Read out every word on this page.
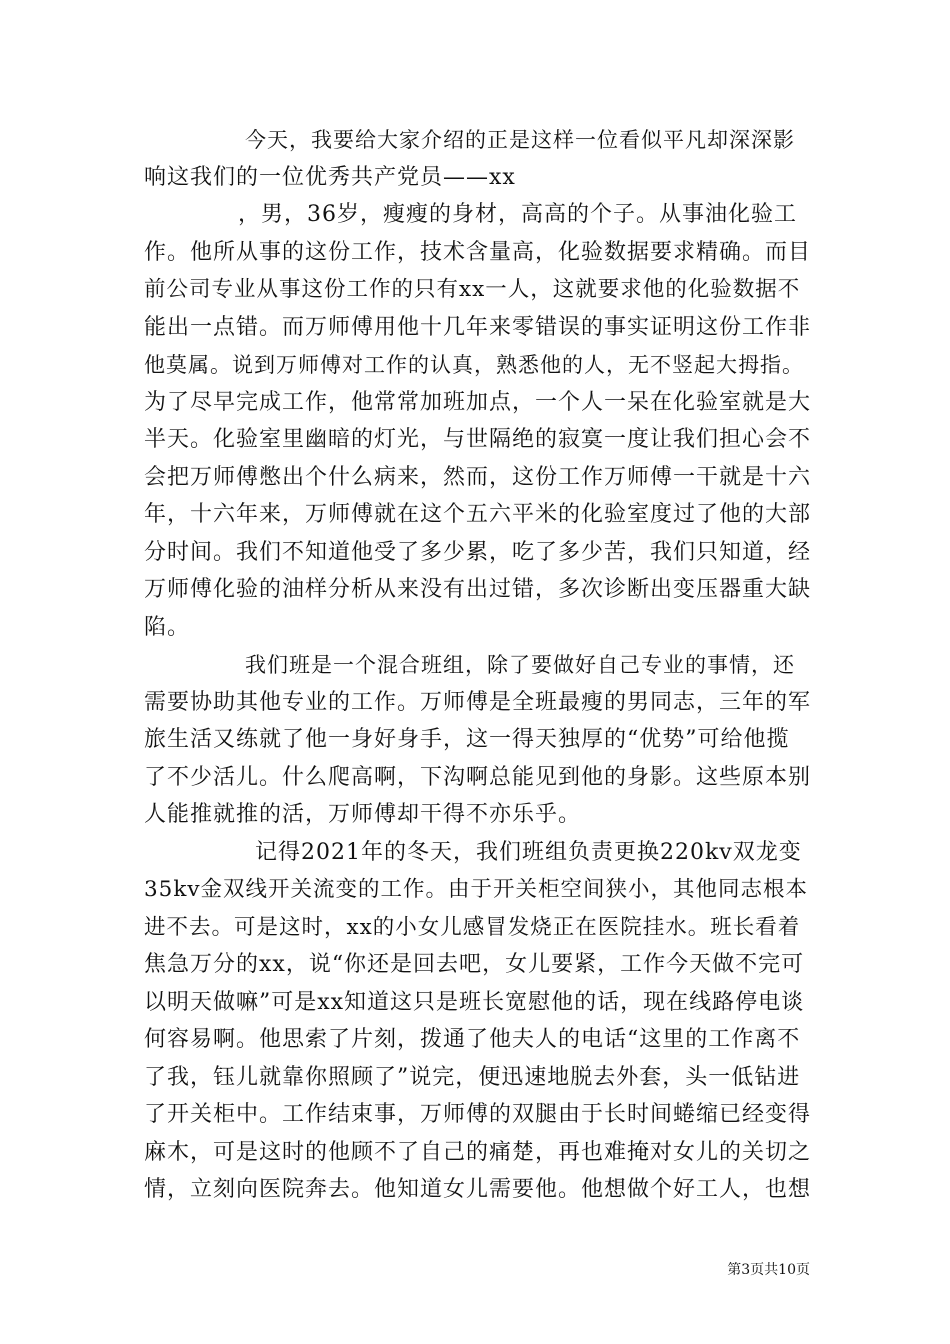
今天，我要给大家介绍的正是这样一位看似平凡却深深影
响这我们的一位优秀共产党员——xx
，男，36岁，瘦瘦的身材，高高的个子。从事油化验工
作。他所从事的这份工作，技术含量高，化验数据要求精确。而目
前公司专业从事这份工作的只有xx一人，这就要求他的化验数据不
能出一点错。而万师傅用他十几年来零错误的事实证明这份工作非
他莫属。说到万师傅对工作的认真，熟悉他的人，无不竖起大拇指。
为了尽早完成工作，他常常加班加点，一个人一呆在化验室就是大
半天。化验室里幽暗的灯光，与世隔绝的寂寞一度让我们担心会不
会把万师傅憋出个什么病来，然而，这份工作万师傅一干就是十六
年，十六年来，万师傅就在这个五六平米的化验室度过了他的大部
分时间。我们不知道他受了多少累，吃了多少苦，我们只知道，经
万师傅化验的油样分析从来没有出过错，多次诊断出变压器重大缺
陷。
我们班是一个混合班组，除了要做好自己专业的事情，还
需要协助其他专业的工作。万师傅是全班最瘦的男同志，三年的军
旅生活又练就了他一身好身手，这一得天独厚的“优势”可给他揽
了不少活儿。什么爬高啊，下沟啊总能见到他的身影。这些原本别
人能推就推的活，万师傅却干得不亦乐乎。
记得2021年的冬天，我们班组负责更换220kv双龙变
35kv金双线开关流变的工作。由于开关柜空间狭小，其他同志根本
进不去。可是这时，xx的小女儿感冒发烧正在医院挂水。班长看着
焦急万分的xx，说“你还是回去吧，女儿要紧，工作今天做不完可
以明天做嘛”可是xx知道这只是班长宽慰他的话，现在线路停电谈
何容易啊。他思索了片刻，拨通了他夫人的电话“这里的工作离不
了我，钰儿就靠你照顾了”说完，便迅速地脱去外套，头一低钻进
了开关柜中。工作结束事，万师傅的双腿由于长时间蜷缩已经变得
麻木，可是这时的他顾不了自己的痛楚，再也难掩对女儿的关切之
情，立刻向医院奔去。他知道女儿需要他。他想做个好工人，也想
第3页共10页
